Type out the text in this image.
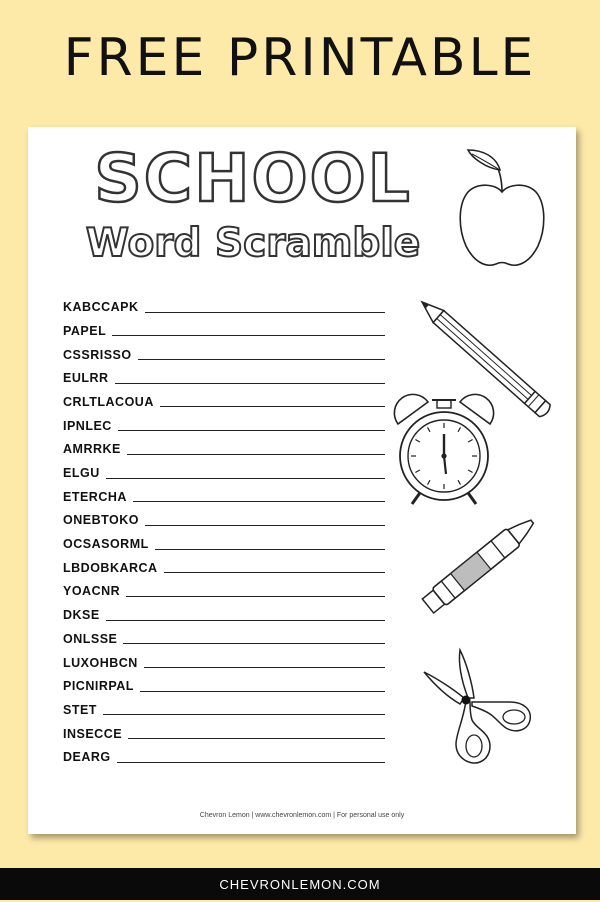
FREE PRINTABLE
SCHOOL
Word Scramble
KABCCAPK
PAPEL
CSSRISSO
EULRR
CRLTLACOUA
IPNLEC
AMRRKE
ELGU
ETERCHA
ONEBTOKO
OCSASORML
LBDOBKARCA
YOACNR
DKSE
ONLSSE
LUXOHBCN
PICNIRPAL
STET
INSECCE
DEARG
Chevron Lemon | www.chevronlemon.com | For personal use only
CHEVRONLEMON.COM
